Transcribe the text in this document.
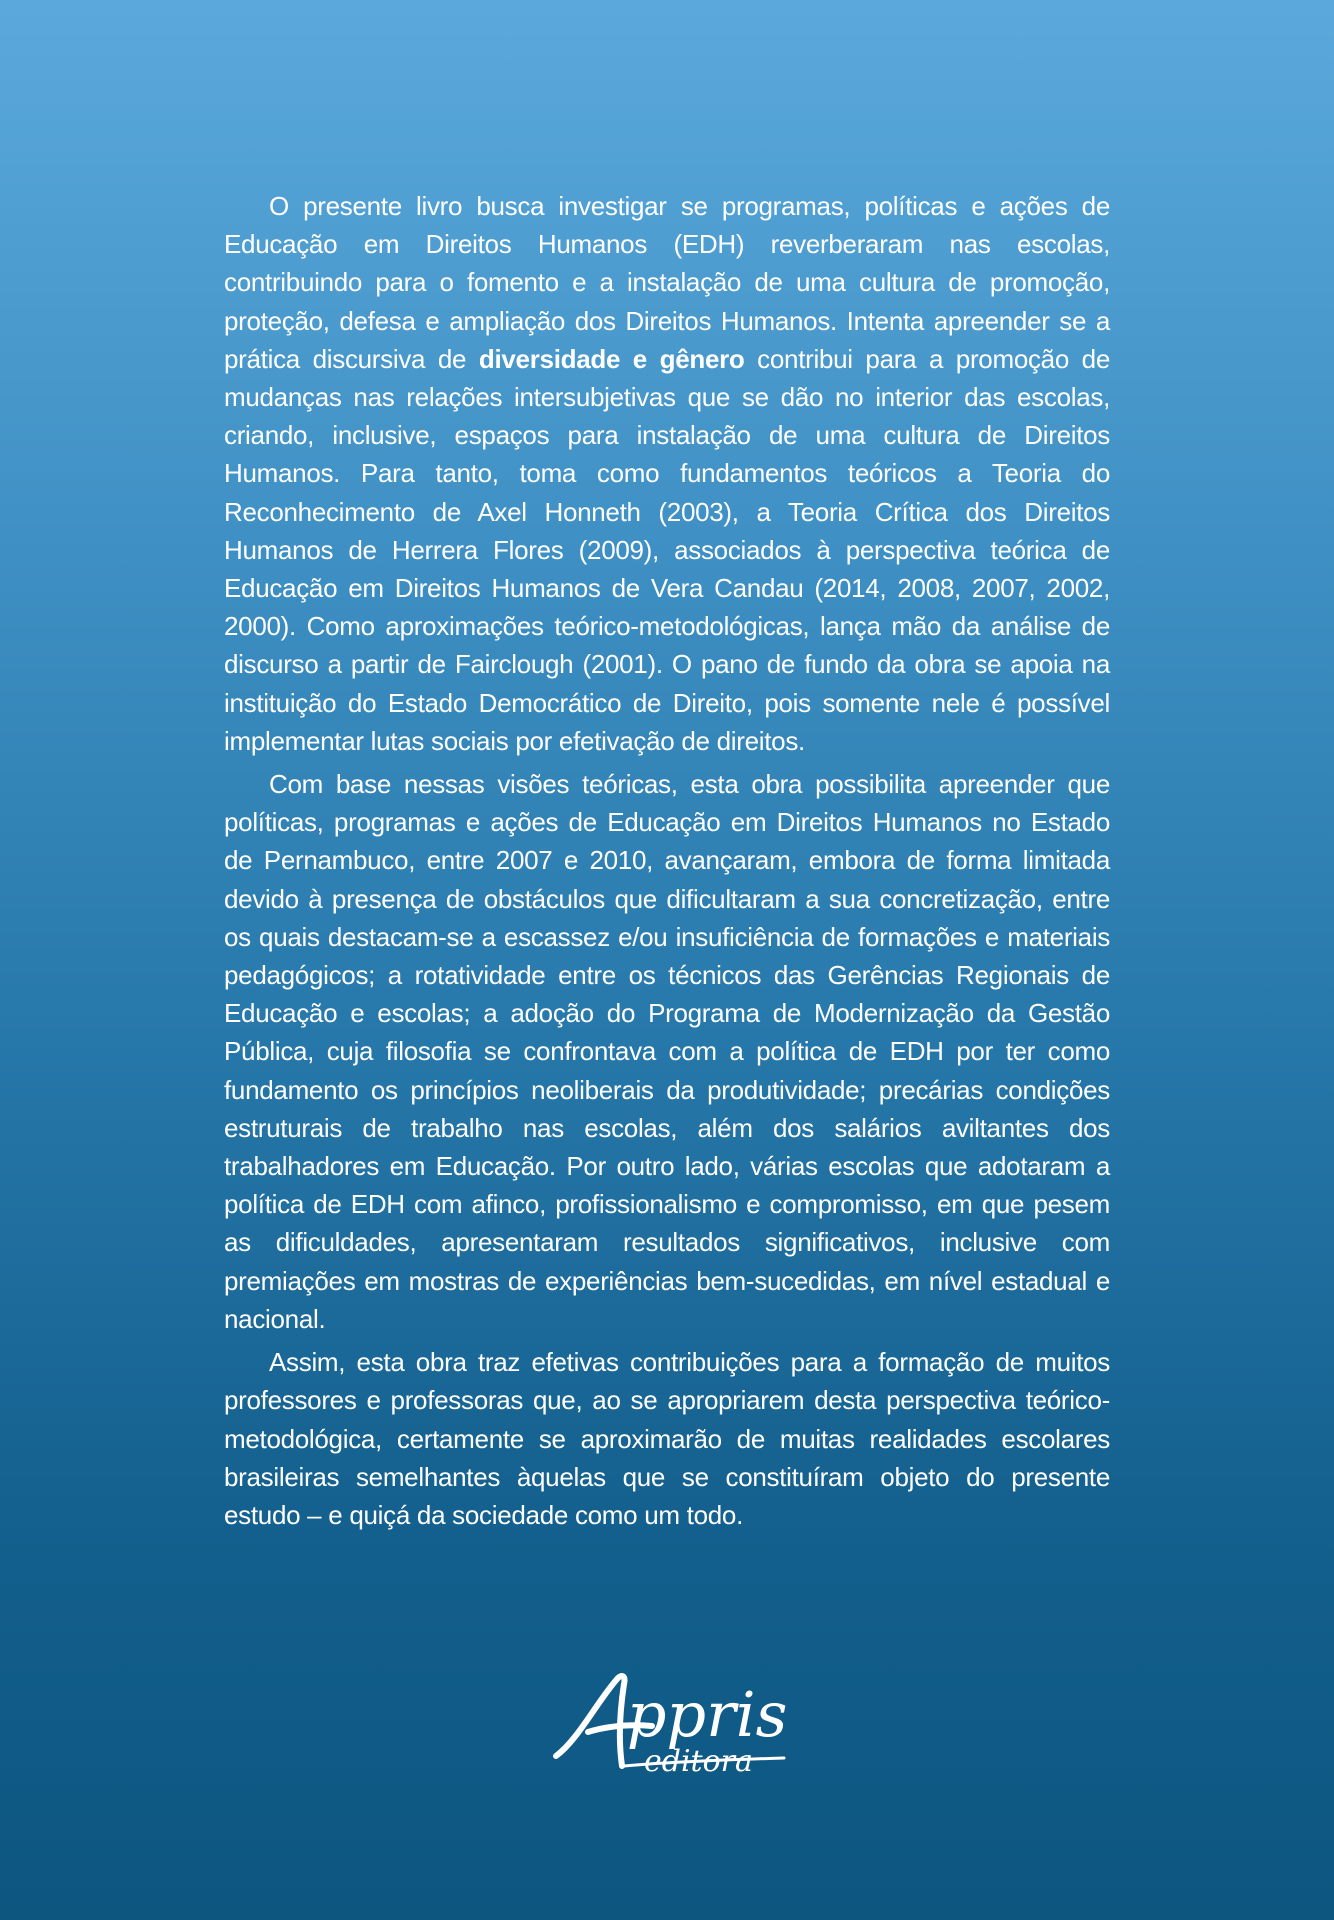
O presente livro busca investigar se programas, políticas e ações de Educação em Direitos Humanos (EDH) reverberaram nas escolas, contribuindo para o fomento e a instalação de uma cultura de promoção, proteção, defesa e ampliação dos Direitos Humanos. Intenta apreender se a prática discursiva de diversidade e gênero contribui para a promoção de mudanças nas relações intersubjetivas que se dão no interior das escolas, criando, inclusive, espaços para instalação de uma cultura de Direitos Humanos. Para tanto, toma como fundamentos teóricos a Teoria do Reconhecimento de Axel Honneth (2003), a Teoria Crítica dos Direitos Humanos de Herrera Flores (2009), associados à perspectiva teórica de Educação em Direitos Humanos de Vera Candau (2014, 2008, 2007, 2002, 2000). Como aproximações teórico-metodológicas, lança mão da análise de discurso a partir de Fairclough (2001). O pano de fundo da obra se apoia na instituição do Estado Democrático de Direito, pois somente nele é possível implementar lutas sociais por efetivação de direitos.

Com base nessas visões teóricas, esta obra possibilita apreender que políticas, programas e ações de Educação em Direitos Humanos no Estado de Pernambuco, entre 2007 e 2010, avançaram, embora de forma limitada devido à presença de obstáculos que dificultaram a sua concretização, entre os quais destacam-se a escassez e/ou insuficiência de formações e materiais pedagógicos; a rotatividade entre os técnicos das Gerências Regionais de Educação e escolas; a adoção do Programa de Modernização da Gestão Pública, cuja filosofia se confrontava com a política de EDH por ter como fundamento os princípios neoliberais da produtividade; precárias condições estruturais de trabalho nas escolas, além dos salários aviltantes dos trabalhadores em Educação. Por outro lado, várias escolas que adotaram a política de EDH com afinco, profissionalismo e compromisso, em que pesem as dificuldades, apresentaram resultados significativos, inclusive com premiações em mostras de experiências bem-sucedidas, em nível estadual e nacional.

Assim, esta obra traz efetivas contribuições para a formação de muitos professores e professoras que, ao se apropriarem desta perspectiva teórico-metodológica, certamente se aproximarão de muitas realidades escolares brasileiras semelhantes àquelas que se constituíram objeto do presente estudo – e quiçá da sociedade como um todo.

Appris
editora
